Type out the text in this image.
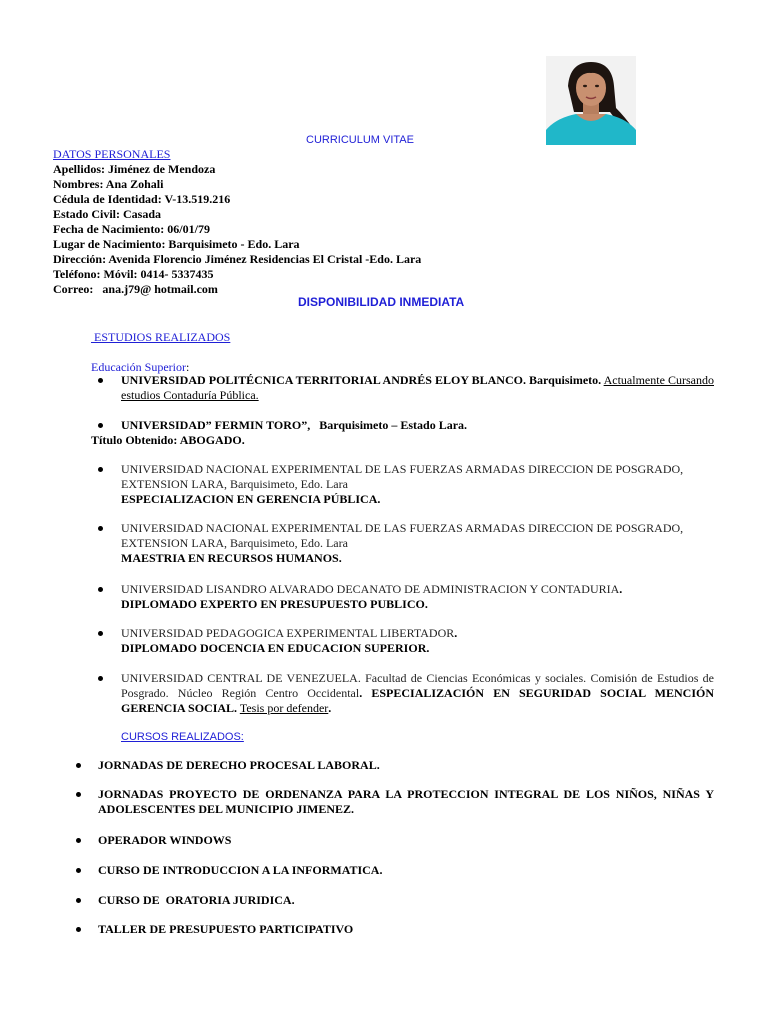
CURRICULUM VITAE
DATOS PERSONALES
Apellidos: Jiménez de Mendoza
Nombres: Ana Zohali
Cédula de Identidad: V-13.519.216
Estado Civil: Casada
Fecha de Nacimiento: 06/01/79
Lugar de Nacimiento: Barquisimeto - Edo. Lara
Dirección: Avenida Florencio Jiménez Residencias El Cristal -Edo. Lara
Teléfono: Móvil: 0414- 5337435
Correo:   ana.j79@ hotmail.com
DISPONIBILIDAD INMEDIATA
ESTUDIOS REALIZADOS
Educación Superior:
UNIVERSIDAD POLITÉCNICA TERRITORIAL ANDRÉS ELOY BLANCO. Barquisimeto. Actualmente Cursando estudios Contaduría Pública.
UNIVERSIDAD” FERMIN TORO”,   Barquisimeto – Estado Lara.
Título Obtenido: ABOGADO.
UNIVERSIDAD NACIONAL EXPERIMENTAL DE LAS FUERZAS ARMADAS DIRECCION DE POSGRADO, EXTENSION LARA, Barquisimeto, Edo. Lara
ESPECIALIZACION EN GERENCIA PÚBLICA.
UNIVERSIDAD NACIONAL EXPERIMENTAL DE LAS FUERZAS ARMADAS DIRECCION DE POSGRADO, EXTENSION LARA, Barquisimeto, Edo. Lara
MAESTRIA EN RECURSOS HUMANOS.
UNIVERSIDAD LISANDRO ALVARADO DECANATO DE ADMINISTRACION Y CONTADURIA.
DIPLOMADO EXPERTO EN PRESUPUESTO PUBLICO.
UNIVERSIDAD PEDAGOGICA EXPERIMENTAL LIBERTADOR.
DIPLOMADO DOCENCIA EN EDUCACION SUPERIOR.
UNIVERSIDAD CENTRAL DE VENEZUELA. Facultad de Ciencias Económicas y sociales. Comisión de Estudios de Posgrado. Núcleo Región Centro Occidental. ESPECIALIZACIÓN EN SEGURIDAD SOCIAL MENCIÓN GERENCIA SOCIAL. Tesis por defender.
CURSOS REALIZADOS:
JORNADAS DE DERECHO PROCESAL LABORAL.
JORNADAS PROYECTO DE ORDENANZA PARA LA PROTECCION INTEGRAL DE LOS NIÑOS, NIÑAS Y ADOLESCENTES DEL MUNICIPIO JIMENEZ.
OPERADOR WINDOWS
CURSO DE INTRODUCCION A LA INFORMATICA.
CURSO DE  ORATORIA JURIDICA.
TALLER DE PRESUPUESTO PARTICIPATIVO
